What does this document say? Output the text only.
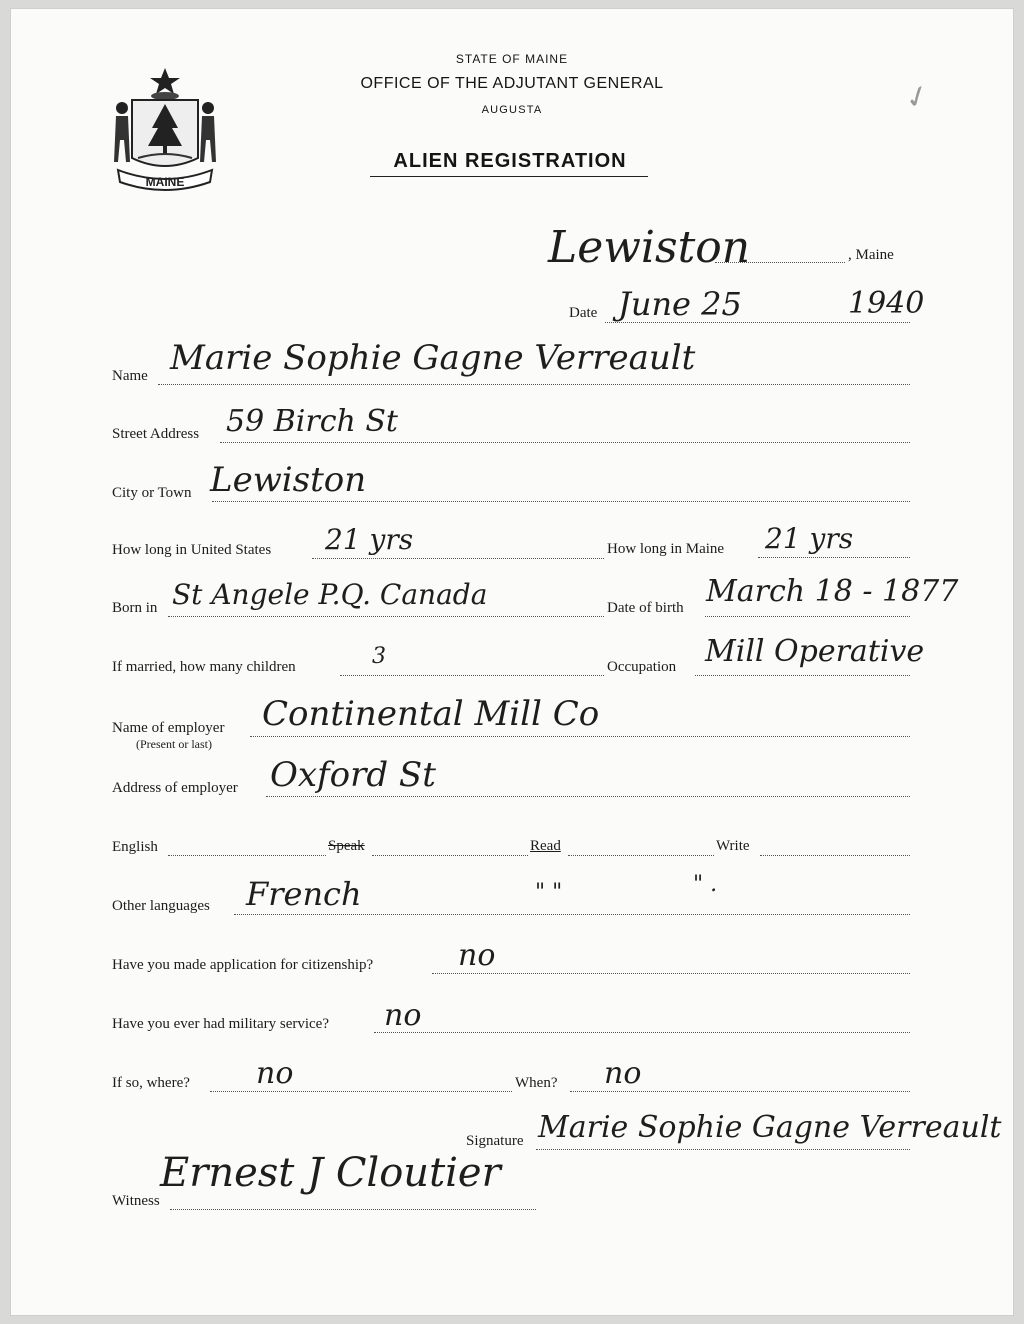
STATE OF MAINE
OFFICE OF THE ADJUTANT GENERAL
AUGUSTA
ALIEN REGISTRATION
MAINE
✓
Lewiston	, Maine
Date June 25	1940
Name Marie Sophie Gagne Verreault
Street Address 59 Birch St
City or Town Lewiston
How long in United States 21 yrs	How long in Maine 21 yrs
Born in St Angele P.Q. Canada	Date of birth March 18 - 1877
If married, how many children	3	Occupation Mill Operative
Name of employer
(Present or last)
Continental Mill Co
Address of employer Oxford St
English	Speak	Read	Write
Other languages French	" "	" .
Have you made application for citizenship?	no
Have you ever had military service? no
If so, where? no	When? no
Signature Marie Sophie Gagne Verreault
Witness
Ernest J Cloutier
